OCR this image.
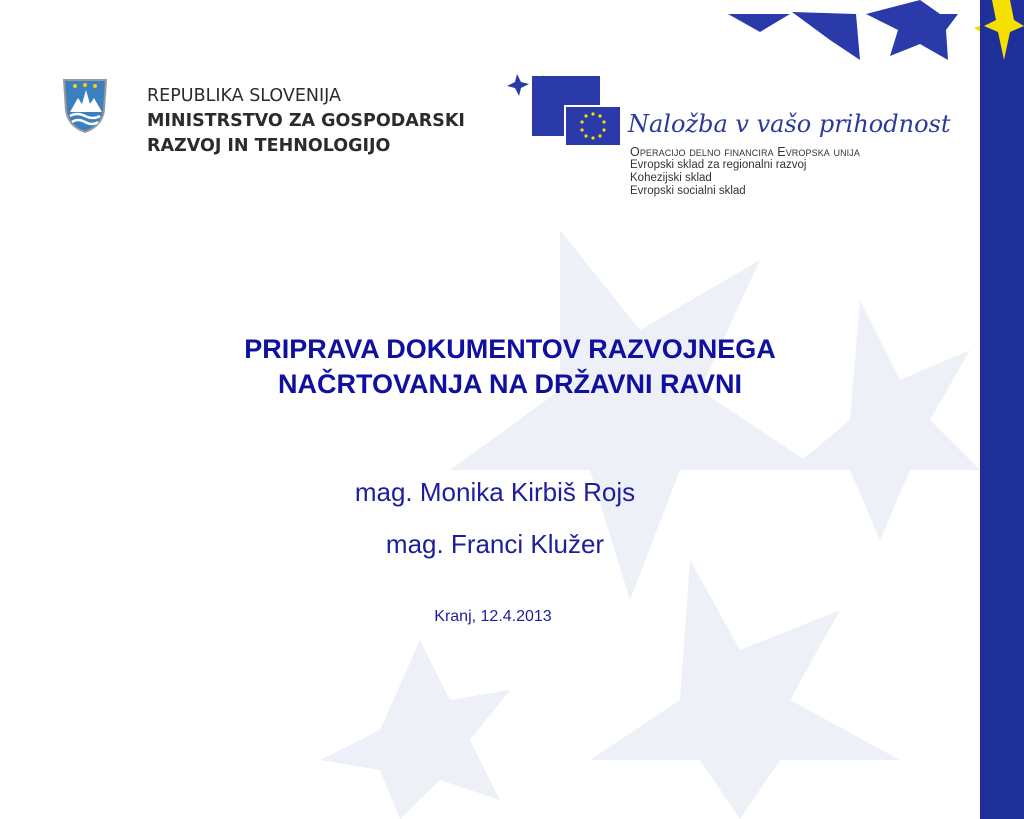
REPUBLIKA SLOVENIJA
MINISTRSTVO ZA GOSPODARSKI
RAZVOJ IN TEHNOLOGIJO
Naložba v vašo prihodnost
Operacijo delno financira Evropska unija
Evropski sklad za regionalni razvoj
Kohezijski sklad
Evropski socialni sklad
PRIPRAVA DOKUMENTOV RAZVOJNEGA
NAČRTOVANJA NA DRŽAVNI RAVNI
mag. Monika Kirbiš Rojs
mag. Franci Klužer
Kranj, 12.4.2013
